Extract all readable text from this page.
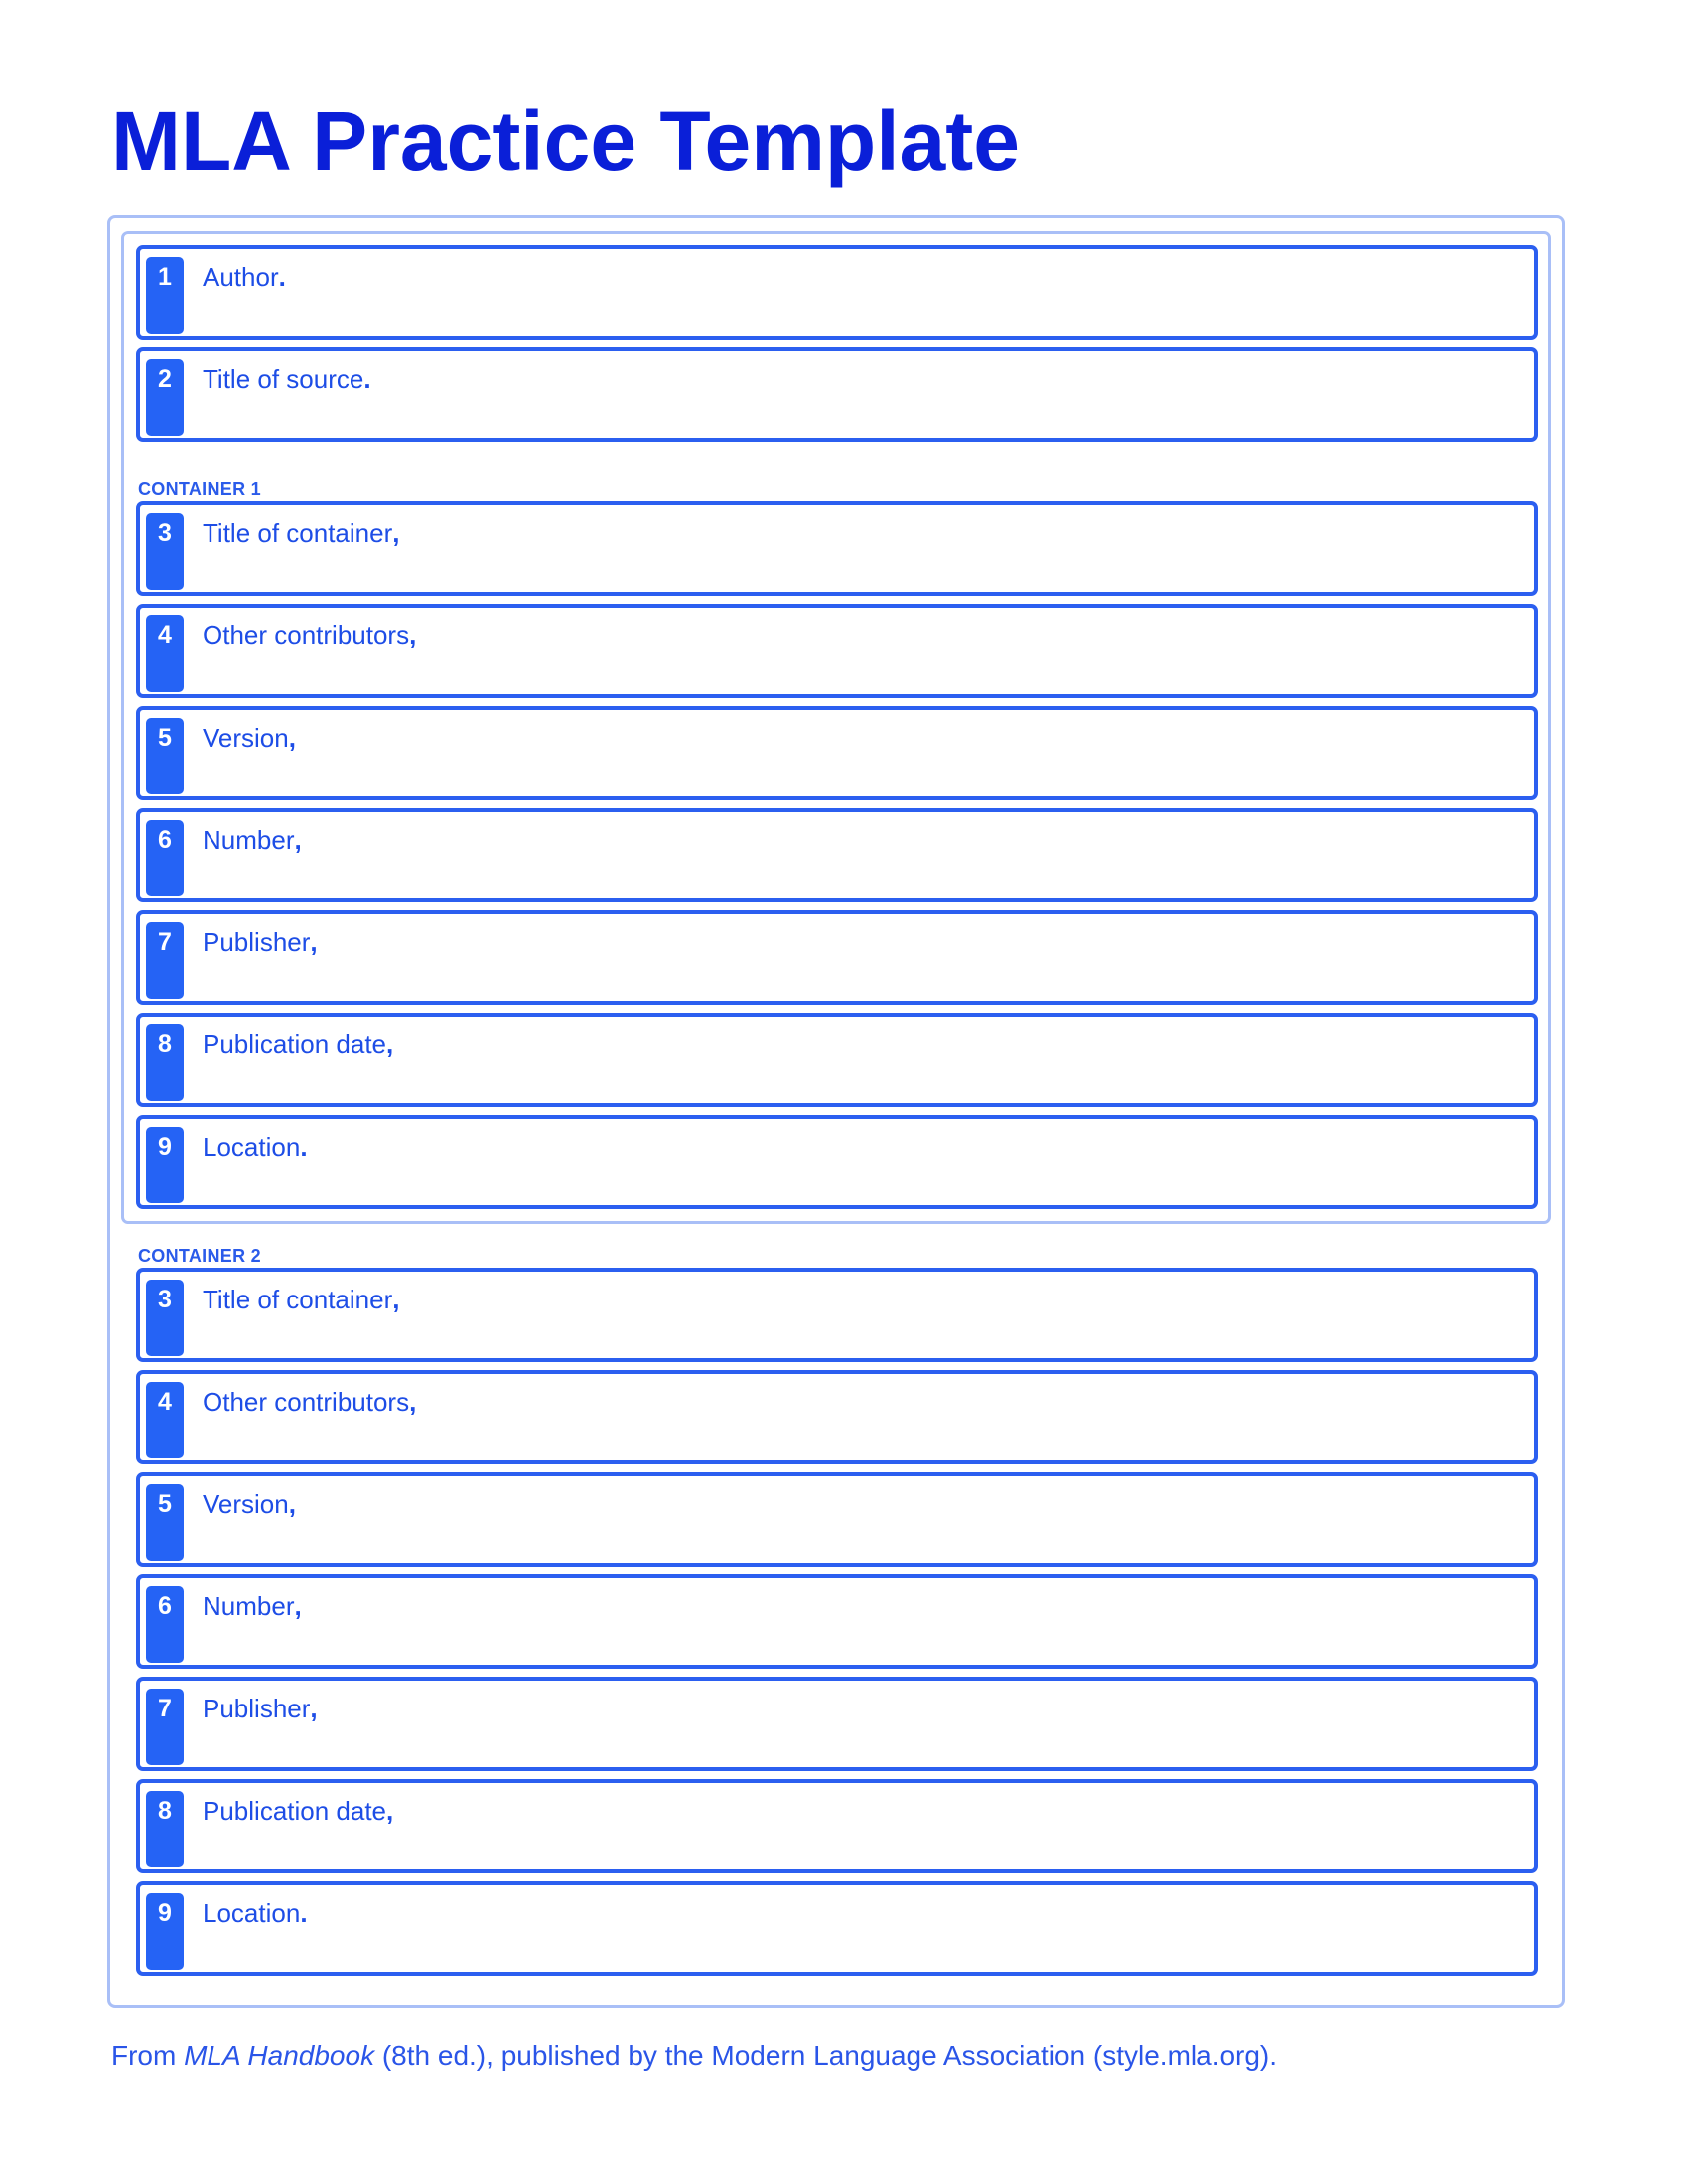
MLA Practice Template
1	Author.
2	Title of source.
CONTAINER 1
3	Title of container,
4	Other contributors,
5	Version,
6	Number,
7	Publisher,
8	Publication date,
9	Location.
CONTAINER 2
3	Title of container,
4	Other contributors,
5	Version,
6	Number,
7	Publisher,
8	Publication date,
9	Location.
From MLA Handbook (8th ed.), published by the Modern Language Association (style.mla.org).
